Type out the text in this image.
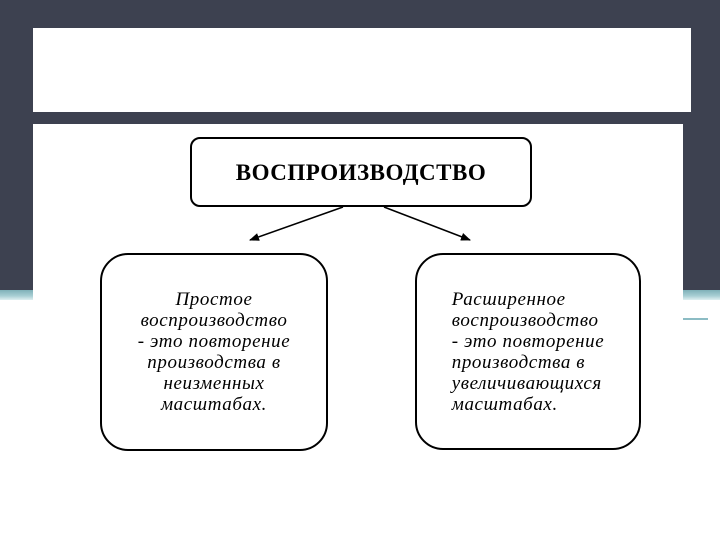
ВОСПРОИЗВОДСТВО
Простое
воспроизводство
- это повторение
производства в
неизменных
масштабах.
Расширенное
воспроизводство
- это повторение
производства в
увеличивающихся
масштабах.
